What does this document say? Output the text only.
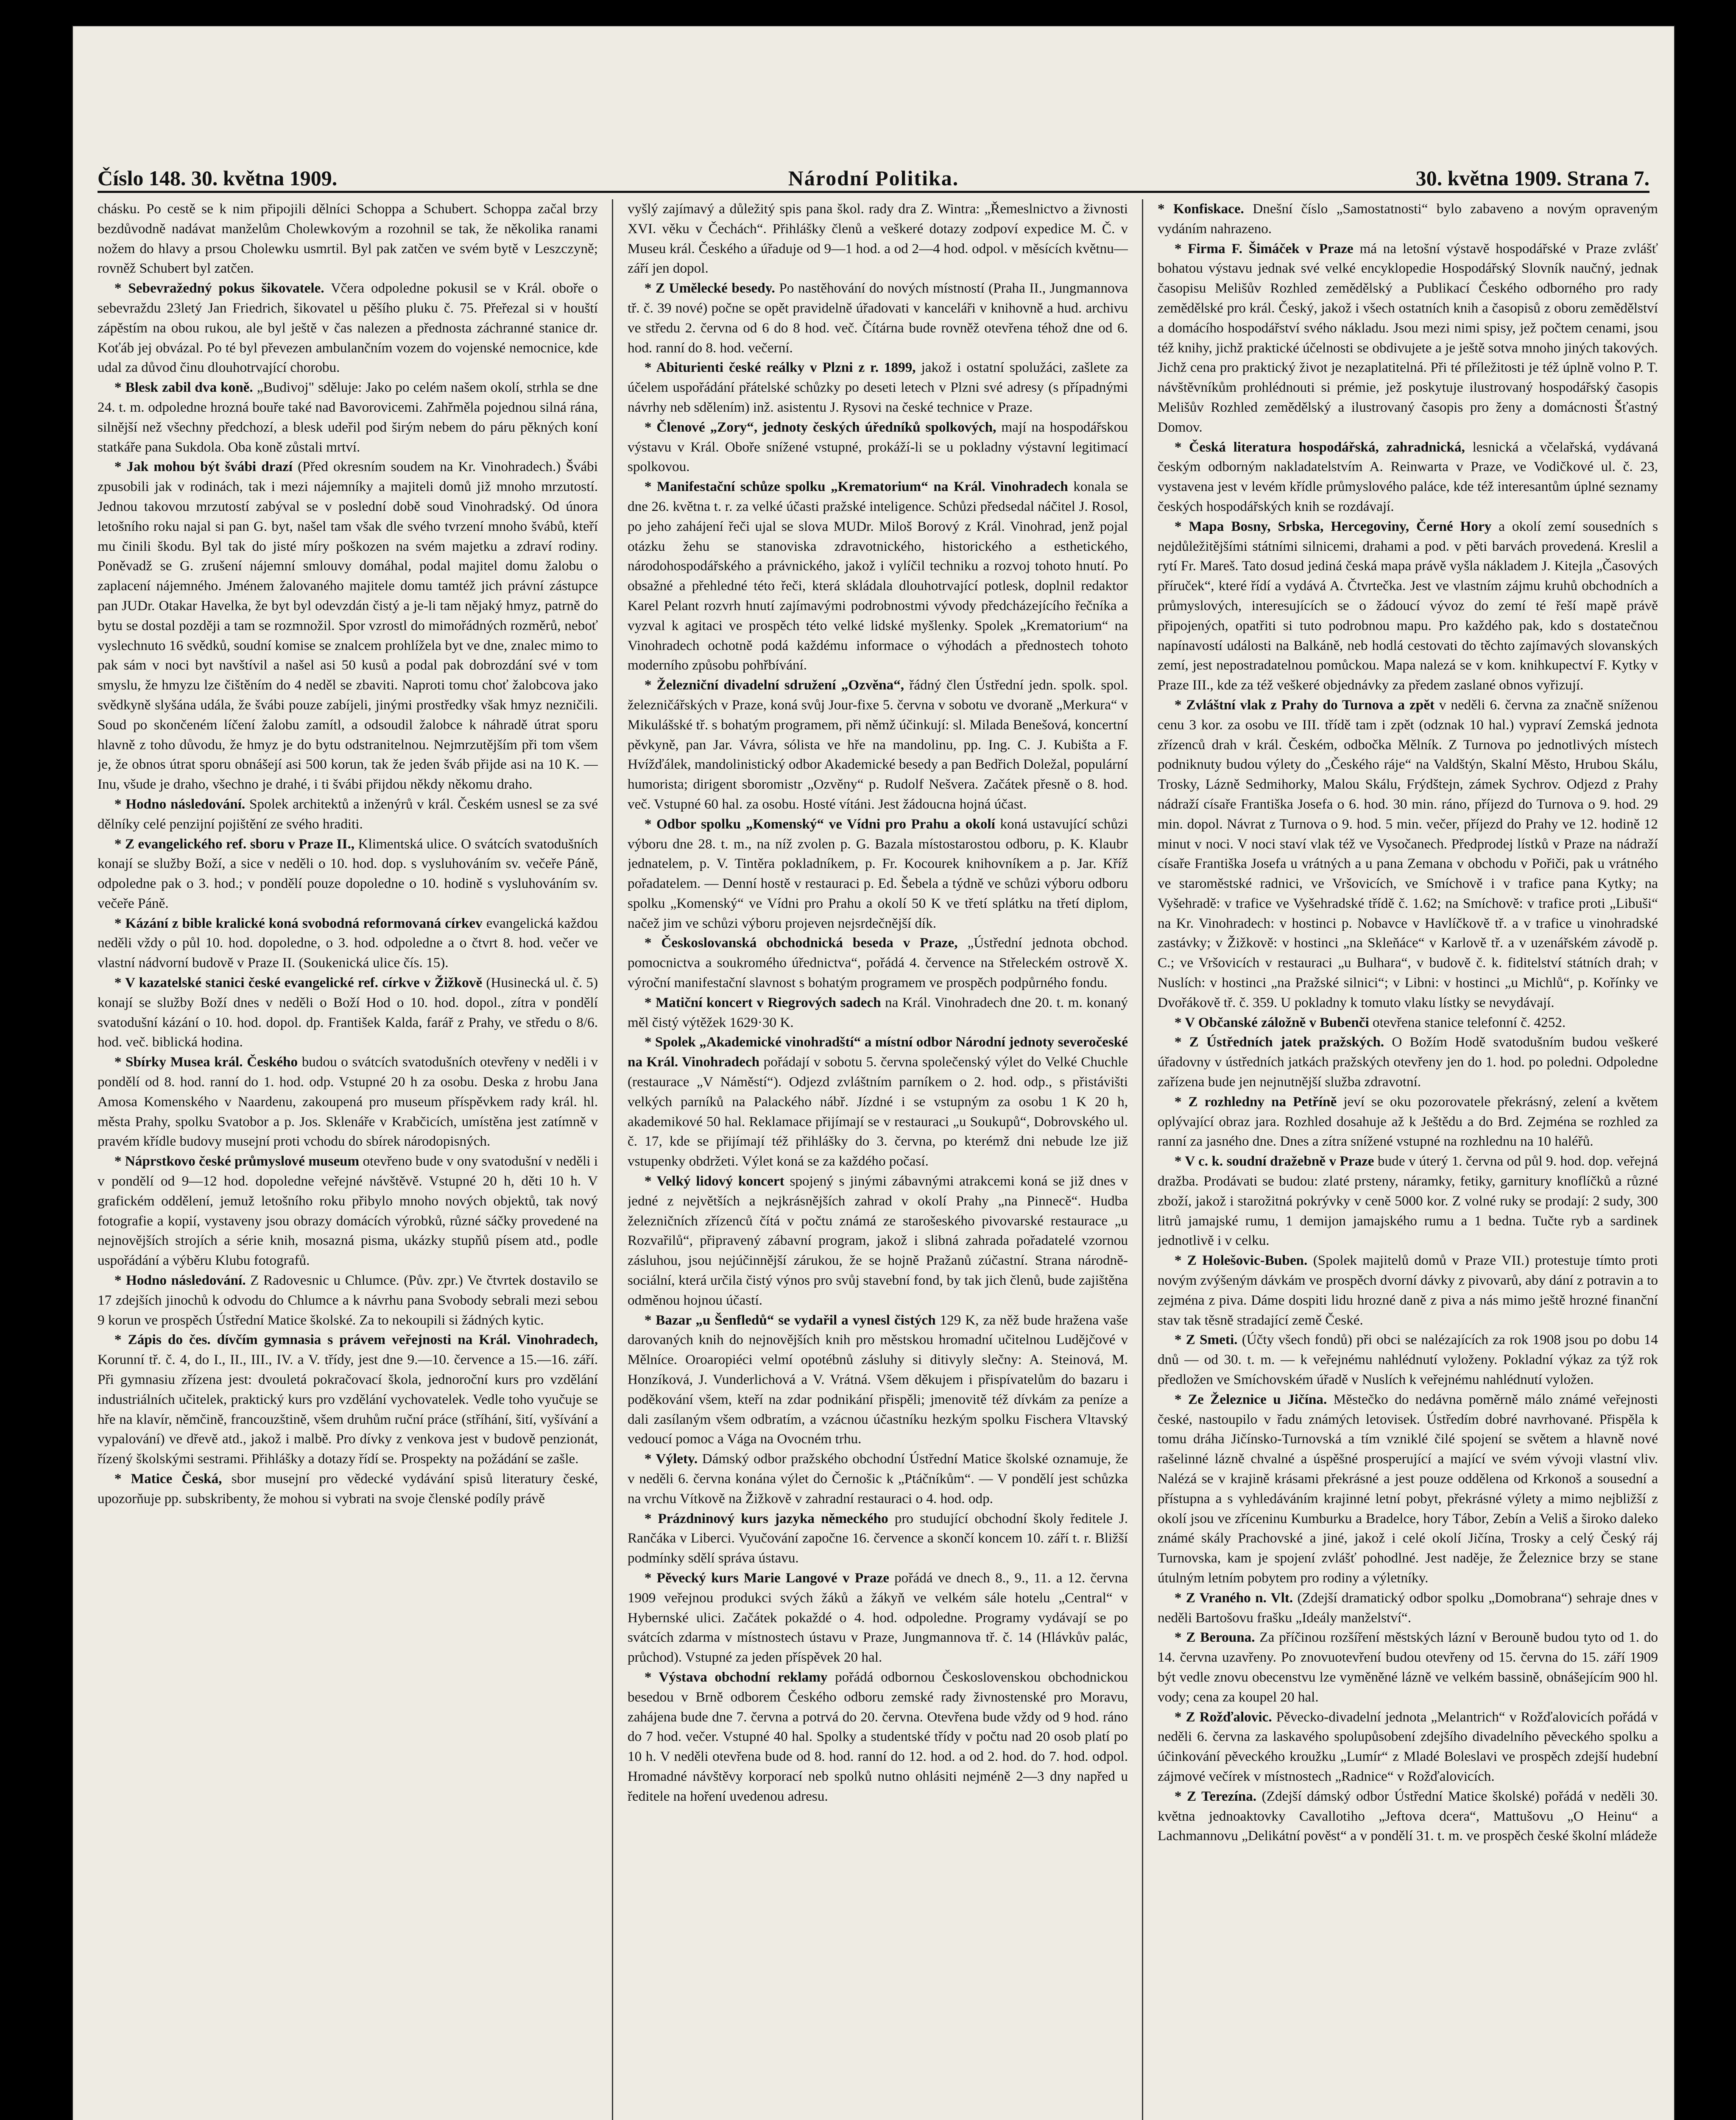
Číslo 148. 30. května 1909.	Národní Politika.	30. května 1909. Strana 7.

chásku. Po cestě se k nim připojili dělníci Schoppa a Schubert. Schoppa začal brzy bezdůvodně nadávat manželům Cholewkovým a rozohnil se tak, že několika ranami nožem do hlavy a prsou Cholewku usmrtil. Byl pak zatčen ve svém bytě v Leszczyně; rovněž Schubert byl zatčen.

* Sebevražedný pokus šikovatele. Včera odpoledne pokusil se v Král. oboře o sebevraždu 23letý Jan Friedrich, šikovatel u pěšího pluku č. 75. Přeřezal si v houští zápěstím na obou rukou, ale byl ještě v čas nalezen a přednosta záchranné stanice dr. Koťáb jej obvázal. Po té byl převezen ambulančním vozem do vojenské nemocnice, kde udal za důvod činu dlouhotrvající chorobu.

* Blesk zabil dva koně. „Budivoj" sděluje: Jako po celém našem okolí, strhla se dne 24. t. m. odpoledne hrozná bouře také nad Bavorovicemi. Zahřměla pojednou silná rána, silnější než všechny předchozí, a blesk udeřil pod širým nebem do páru pěkných koní statkáře pana Sukdola. Oba koně zůstali mrtví.

* Jak mohou být švábi drazí (Před okresním soudem na Kr. Vinohradech.) Švábi zpusobili jak v rodinách, tak i mezi nájemníky a majiteli domů již mnoho mrzutostí. Jednou takovou mrzutostí zabýval se v poslední době soud Vinohradský. Od února letošního roku najal si pan G. byt, našel tam však dle svého tvrzení mnoho švábů, kteří mu činili škodu. Byl tak do jisté míry poškozen na svém majetku a zdraví rodiny. Poněvadž se G. zrušení nájemní smlouvy domáhal, podal majitel domu žalobu o zaplacení nájemného. Jménem žalovaného majitele domu tamtéž jich právní zástupce pan JUDr. Otakar Havelka, že byt byl odevzdán čistý a je-li tam nějaký hmyz, patrně do bytu se dostal později a tam se rozmnožil. Spor vzrostl do mimořádných rozměrů, neboť vyslechnuto 16 svědků, soudní komise se znalcem prohlížela byt ve dne, znalec mimo to pak sám v noci byt navštívil a našel asi 50 kusů a podal pak dobrozdání své v tom smyslu, že hmyzu lze čištěním do 4 neděl se zbaviti. Naproti tomu choť žalobcova jako svědkyně slyšána udála, že švábi pouze zabíjeli, jinými prostředky však hmyz nezničili. Soud po skončeném líčení žalobu zamítl, a odsoudil žalobce k náhradě útrat sporu hlavně z toho důvodu, že hmyz je do bytu odstranitelnou. Nejmrzutějším při tom všem je, že obnos útrat sporu obnášejí asi 500 korun, tak že jeden šváb přijde asi na 10 K. — Inu, všude je draho, všechno je drahé, i ti švábi přijdou někdy někomu draho.

* Hodno následování. Spolek architektů a inženýrů v král. Českém usnesl se za své dělníky celé penzijní pojištění ze svého hraditi.

* Z evangelického ref. sboru v Praze II., Klimentská ulice. O svátcích svatodušních konají se služby Boží, a sice v neděli o 10. hod. dop. s vysluhováním sv. večeře Páně, odpoledne pak o 3. hod.; v pondělí pouze dopoledne o 10. hodině s vysluhováním sv. večeře Páně.

* Kázání z bible kralické koná svobodná reformovaná církev evangelická každou neděli vždy o půl 10. hod. dopoledne, o 3. hod. odpoledne a o čtvrt 8. hod. večer ve vlastní nádvorní budově v Praze II. (Soukenická ulice čís. 15).

* V kazatelské stanici české evangelické ref. církve v Žižkově (Husinecká ul. č. 5) konají se služby Boží dnes v neděli o Boží Hod o 10. hod. dopol., zítra v pondělí svatodušní kázání o 10. hod. dopol. dp. František Kalda, farář z Prahy, ve středu o 8/6. hod. več. biblická hodina.

* Sbírky Musea král. Českého budou o svátcích svatodušních otevřeny v neděli i v pondělí od 8. hod. ranní do 1. hod. odp. Vstupné 20 h za osobu. Deska z hrobu Jana Amosa Komenského v Naardenu, zakoupená pro museum příspěvkem rady král. hl. města Prahy, spolku Svatobor a p. Jos. Sklenáře v Krabčicích, umístěna jest zatímně v pravém křídle budovy musejní proti vchodu do sbírek národopisných.

* Náprstkovo české průmyslové museum otevřeno bude v ony svatodušní v neděli i v pondělí od 9—12 hod. dopoledne veřejné návštěvě. Vstupné 20 h, děti 10 h. V grafickém oddělení, jemuž letošního roku přibylo mnoho nových objektů, tak nový fotografie a kopií, vystaveny jsou obrazy domácích výrobků, různé sáčky provedené na nejnovějších strojích a série knih, mosazná pisma, ukázky stupňů písem atd., podle uspořádání a výběru Klubu fotografů.

* Hodno následování. Z Radovesnic u Chlumce. (Pův. zpr.) Ve čtvrtek dostavilo se 17 zdejších jinochů k odvodu do Chlumce a k návrhu pana Svobody sebrali mezi sebou 9 korun ve prospěch Ústřední Matice školské. Za to nekoupili si žádných kytic.

* Zápis do čes. dívčím gymnasia s právem veřejnosti na Král. Vinohradech, Korunní tř. č. 4, do I., II., III., IV. a V. třídy, jest dne 9.—10. července a 15.—16. září. Při gymnasiu zřízena jest: dvouletá pokračovací škola, jednoroční kurs pro vzdělání industriálních učitelek, praktický kurs pro vzdělání vychovatelek. Vedle toho vyučuje se hře na klavír, němčině, francouzštině, všem druhům ruční práce (stříhání, šití, vyšívání a vypalování) ve dřevě atd., jakož i malbě. Pro dívky z venkova jest v budově penzionát, řízený školskými sestrami. Přihlášky a dotazy řídí se. Prospekty na požádání se zašle.

* Matice Česká, sbor musejní pro vědecké vydávání spisů literatury české, upozorňuje pp. subskribenty, že mohou si vybrati na svoje členské podíly právě

vyšlý zajímavý a důležitý spis pana škol. rady dra Z. Wintra: „Řemeslnictvo a živnosti XVI. věku v Čechách“. Přihlášky členů a veškeré dotazy zodpoví expedice M. Č. v Museu král. Českého a úřaduje od 9—1 hod. a od 2—4 hod. odpol. v měsících květnu—září jen dopol.

* Z Umělecké besedy. Po nastěhování do nových místností (Praha II., Jungmannova tř. č. 39 nové) počne se opět pravidelně úřadovati v kanceláři v knihovně a hud. archivu ve středu 2. června od 6 do 8 hod. več. Čítárna bude rovněž otevřena téhož dne od 6. hod. ranní do 8. hod. večerní.

* Abiturienti české reálky v Plzni z r. 1899, jakož i ostatní spolužáci, zašlete za účelem uspořádání přátelské schůzky po deseti letech v Plzni své adresy (s případnými návrhy neb sdělením) inž. asistentu J. Rysovi na české technice v Praze.

* Členové „Zory“, jednoty českých úředníků spolkových, mají na hospodářskou výstavu v Král. Oboře snížené vstupné, prokáží-li se u pokladny výstavní legitimací spolkovou.

* Manifestační schůze spolku „Krematorium“ na Král. Vinohradech konala se dne 26. května t. r. za velké účasti pražské inteligence. Schůzi předsedal náčitel J. Rosol, po jeho zahájení řeči ujal se slova MUDr. Miloš Borový z Král. Vinohrad, jenž pojal otázku žehu se stanoviska zdravotnického, historického a esthetického, národohospodářského a právnického, jakož i vylíčil techniku a rozvoj tohoto hnutí. Po obsažné a přehledné této řeči, která skládala dlouhotrvající potlesk, doplnil redaktor Karel Pelant rozvrh hnutí zajímavými podrobnostmi vývody předcházejícího řečníka a vyzval k agitaci ve prospěch této velké lidské myšlenky. Spolek „Krematorium“ na Vinohradech ochotně podá každému informace o výhodách a přednostech tohoto moderního způsobu pohřbívání.

* Železniční divadelní sdružení „Ozvěna“, řádný člen Ústřední jedn. spolk. spol. železničářských v Praze, koná svůj Jour-fixe 5. června v sobotu ve dvoraně „Merkura“ v Mikulášské tř. s bohatým programem, při němž účinkují: sl. Milada Benešová, koncertní pěvkyně, pan Jar. Vávra, sólista ve hře na mandolinu, pp. Ing. C. J. Kubišta a F. Hvížďálek, mandolinistický odbor Akademické besedy a pan Bedřich Doležal, populární humorista; dirigent sboromistr „Ozvěny“ p. Rudolf Nešvera. Začátek přesně o 8. hod. več. Vstupné 60 hal. za osobu. Hosté vítáni. Jest žádoucna hojná účast.

* Odbor spolku „Komenský“ ve Vídni pro Prahu a okolí koná ustavující schůzi výboru dne 28. t. m., na níž zvolen p. G. Bazala místostarostou odboru, p. K. Klaubr jednatelem, p. V. Tintěra pokladníkem, p. Fr. Kocourek knihovníkem a p. Jar. Kříž pořadatelem. — Denní hostě v restauraci p. Ed. Šebela a týdně ve schůzi výboru odboru spolku „Komenský“ ve Vídni pro Prahu a okolí 50 K ve třetí splátku na třetí diplom, načež jim ve schůzi výboru projeven nejsrdečnější dík.

* Českoslovanská obchodnická beseda v Praze, „Ústřední jednota obchod. pomocnictva a soukromého úřednictva“, pořádá 4. července na Střeleckém ostrově X. výroční manifestační slavnost s bohatým programem ve prospěch podpůrného fondu.

* Matiční koncert v Riegrových sadech na Král. Vinohradech dne 20. t. m. konaný měl čistý výtěžek 1629·30 K.

* Spolek „Akademické vinohradští“ a místní odbor Národní jednoty severočeské na Král. Vinohradech pořádají v sobotu 5. června společenský výlet do Velké Chuchle (restaurace „V Náměstí“). Odjezd zvláštním parníkem o 2. hod. odp., s přistávišti velkých parníků na Palackého nábř. Jízdné i se vstupným za osobu 1 K 20 h, akademikové 50 hal. Reklamace přijímají se v restauraci „u Soukupů“, Dobrovského ul. č. 17, kde se přijímají též přihlášky do 3. června, po kterémž dni nebude lze již vstupenky obdržeti. Výlet koná se za každého počasí.

* Velký lidový koncert spojený s jinými zábavnými atrakcemi koná se již dnes v jedné z největších a nejkrásnějších zahrad v okolí Prahy „na Pinnecě“. Hudba železničních zřízenců čítá v počtu známá ze starošeského pivovarské restaurace „u Rozvařilů“, připravený zábavní program, jakož i slibná zahrada pořadatelé vzornou zásluhou, jsou nejúčinnější zárukou, že se hojně Pražanů zúčastní. Strana národně-sociální, která určila čistý výnos pro svůj stavební fond, by tak jich členů, bude zajištěna odměnou hojnou účastí.

* Bazar „u Šenfledů“ se vydařil a vynesl čistých 129 K, za něž bude hražena vaše darovaných knih do nejnovějších knih pro městskou hromadní učitelnou Ludějčové v Mělníce. Oroaropiéci velmí opotébnů zásluhy si ditivyly slečny: A. Steinová, M. Honzíková, J. Vunderlichová a V. Vrátná. Všem děkujem i přispívatelům do bazaru i poděkování všem, kteří na zdar podnikání přispěli; jmenovitě též dívkám za peníze a dali zasílaným všem odbratím, a vzácnou účastníku hezkým spolku Fischera Vltavský vedoucí pomoc a Vága na Ovocném trhu.

* Výlety. Dámský odbor pražského obchodní Ústřední Matice školské oznamuje, že v neděli 6. června konána výlet do Černošic k „Ptáčníkům“. — V pondělí jest schůzka na vrchu Vítkově na Žižkově v zahradní restauraci o 4. hod. odp.

* Prázdninový kurs jazyka německého pro studující obchodní školy ředitele J. Rančáka v Liberci. Vyučování započne 16. července a skončí koncem 10. září t. r. Bližší podmínky sdělí správa ústavu.

* Pěvecký kurs Marie Langové v Praze pořádá ve dnech 8., 9., 11. a 12. června 1909 veřejnou produkci svých žáků a žákyň ve velkém sále hotelu „Central“ v Hybernské ulici. Začátek pokaždé o 4. hod. odpoledne. Programy vydávají se po svátcích zdarma v místnostech ústavu v Praze, Jungmannova tř. č. 14 (Hlávkův palác, průchod). Vstupné za jeden příspěvek 20 hal.

* Výstava obchodní reklamy pořádá odbornou Československou obchodnickou besedou v Brně odborem Českého odboru zemské rady živnostenské pro Moravu, zahájena bude dne 7. června a potrvá do 20. června. Otevřena bude vždy od 9 hod. ráno do 7 hod. večer. Vstupné 40 hal. Spolky a studentské třídy v počtu nad 20 osob platí po 10 h. V neděli otevřena bude od 8. hod. ranní do 12. hod. a od 2. hod. do 7. hod. odpol. Hromadné návštěvy korporací neb spolků nutno ohlásiti nejméně 2—3 dny napřed u ředitele na hoření uvedenou adresu.

* Konfiskace. Dnešní číslo „Samostatnosti“ bylo zabaveno a novým opraveným vydáním nahrazeno.

* Firma F. Šimáček v Praze má na letošní výstavě hospodářské v Praze zvlášť bohatou výstavu jednak své velké encyklopedie Hospodářský Slovník naučný, jednak časopisu Melišův Rozhled zemědělský a Publikací Českého odborného pro rady zemědělské pro král. Český, jakož i všech ostatních knih a časopisů z oboru zemědělství a domácího hospodářství svého nákladu. Jsou mezi nimi spisy, jež počtem cenami, jsou též knihy, jichž praktické účelnosti se obdivujete a je ještě sotva mnoho jiných takových. Jichž cena pro praktický život je nezaplatitelná. Při té příležitosti je též úplně volno P. T. návštěvníkům prohlédnouti si prémie, jež poskytuje ilustrovaný hospodářský časopis Melišův Rozhled zemědělský a ilustrovaný časopis pro ženy a domácnosti Šťastný Domov.

* Česká literatura hospodářská, zahradnická, lesnická a včelařská, vydávaná českým odborným nakladatelstvím A. Reinwarta v Praze, ve Vodičkové ul. č. 23, vystavena jest v levém křídle průmyslového paláce, kde též interesantům úplné seznamy českých hospodářských knih se rozdávají.

* Mapa Bosny, Srbska, Hercegoviny, Černé Hory a okolí zemí sousedních s nejdůležitějšími státními silnicemi, drahami a pod. v pěti barvách provedená. Kreslil a rytí Fr. Mareš. Tato dosud jediná česká mapa právě vyšla nákladem J. Kitejla „Časových příruček“, které řídí a vydává A. Čtvrtečka. Jest ve vlastním zájmu kruhů obchodních a průmyslových, interesujících se o žádoucí vývoz do zemí té řeší mapě právě připojených, opatřiti si tuto podrobnou mapu. Pro každého pak, kdo s dostatečnou napínavostí události na Balkáně, neb hodlá cestovati do těchto zajímavých slovanských zemí, jest nepostradatelnou pomůckou. Mapa nalezá se v kom. knihkupectví F. Kytky v Praze III., kde za též veškeré objednávky za předem zaslané obnos vyřizují.

* Zvláštní vlak z Prahy do Turnova a zpět v neděli 6. června za značně sníženou cenu 3 kor. za osobu ve III. třídě tam i zpět (odznak 10 hal.) vypraví Zemská jednota zřízenců drah v král. Českém, odbočka Mělník. Z Turnova po jednotlivých místech podniknuty budou výlety do „Českého ráje“ na Valdštýn, Skalní Město, Hrubou Skálu, Trosky, Lázně Sedmihorky, Malou Skálu, Frýdštejn, zámek Sychrov. Odjezd z Prahy nádraží císaře Františka Josefa o 6. hod. 30 min. ráno, příjezd do Turnova o 9. hod. 29 min. dopol. Návrat z Turnova o 9. hod. 5 min. večer, příjezd do Prahy ve 12. hodině 12 minut v noci. V noci staví vlak též ve Vysočanech. Předprodej lístků v Praze na nádraží císaře Františka Josefa u vrátných a u pana Zemana v obchodu v Pořiči, pak u vrátného ve staroměstské radnici, ve Vršovicích, ve Smíchově i v trafice pana Kytky; na Vyšehradě: v trafice ve Vyšehradské třídě č. 1.62; na Smíchově: v trafice proti „Libuši“ na Kr. Vinohradech: v hostinci p. Nobavce v Havlíčkově tř. a v trafice u vinohradské zastávky; v Žižkově: v hostinci „na Skleňáce“ v Karlově tř. a v uzenářském závodě p. C.; ve Vršovicích v restauraci „u Bulhara“, v budově č. k. fiditelství státních drah; v Nuslích: v hostinci „na Pražské silnici“; v Libni: v hostinci „u Michlů“, p. Kořínky ve Dvořákově tř. č. 359. U pokladny k tomuto vlaku lístky se nevydávají.

* V Občanské záložně v Bubenči otevřena stanice telefonní č. 4252.

* Z Ústředních jatek pražských. O Božím Hodě svatodušním budou veškeré úřadovny v ústředních jatkách pražských otevřeny jen do 1. hod. po poledni. Odpoledne zařízena bude jen nejnutnější služba zdravotní.

* Z rozhledny na Petříně jeví se oku pozorovatele překrásný, zelení a květem oplývající obraz jara. Rozhled dosahuje až k Ještědu a do Brd. Zejména se rozhled za ranní za jasného dne. Dnes a zítra snížené vstupné na rozhlednu na 10 haléřů.

* V c. k. soudní dražebně v Praze bude v úterý 1. června od půl 9. hod. dop. veřejná dražba. Prodávati se budou: zlaté prsteny, náramky, fetiky, garnitury knoflíčků a různé zboží, jakož i starožitná pokrývky v ceně 5000 kor. Z volné ruky se prodají: 2 sudy, 300 litrů jamajské rumu, 1 demijon jamajského rumu a 1 bedna. Tučte ryb a sardinek jednotlivě i v celku.

* Z Holešovic-Buben. (Spolek majitelů domů v Praze VII.) protestuje tímto proti novým zvýšeným dávkám ve prospěch dvorní dávky z pivovarů, aby dání z potravin a to zejména z piva. Dáme dospiti lidu hrozné daně z piva a nás mimo ještě hrozné finanční stav tak těsně stradající země České.

* Z Smeti. (Účty všech fondů) při obci se nalézajících za rok 1908 jsou po dobu 14 dnů — od 30. t. m. — k veřejnému nahlédnutí vyloženy. Pokladní výkaz za týž rok předložen ve Smíchovském úřadě v Nuslích k veřejnému nahlédnutí vyložen.

* Ze Železnice u Jičína. Městečko do nedávna poměrně málo známé veřejnosti české, nastoupilo v řadu známých letovisek. Ústředím dobré navrhované. Přispěla k tomu dráha Jičínsko-Turnovská a tím vzniklé čilé spojení se světem a hlavně nové rašelinné lázně chvalné a úspěšné prosperující a mající ve svém vývoji vlastní vliv. Nalézá se v krajině krásami překrásné a jest pouze oddělena od Krkonoš a sousední a přístupna a s vyhledáváním krajinné letní pobyt, překrásné výlety a mimo nejbližší z okolí jsou ve zříceninu Kumburku a Bradelce, hory Tábor, Zebín a Veliš a široko daleko známé skály Prachovské a jiné, jakož i celé okolí Jičína, Trosky a celý Český ráj Turnovska, kam je spojení zvlášť pohodlné. Jest naděje, že Železnice brzy se stane útulným letním pobytem pro rodiny a výletníky.

* Z Vraného n. Vlt. (Zdejší dramatický odbor spolku „Domobrana“) sehraje dnes v neděli Bartošovu frašku „Ideály manželství“.

* Z Berouna. Za příčinou rozšíření městských lázní v Berouně budou tyto od 1. do 14. června uzavřeny. Po znovuotevření budou otevřeny od 15. června do 15. září 1909 být vedle znovu obecenstvu lze vyměněné lázně ve velkém bassině, obnášejícím 900 hl. vody; cena za koupel 20 hal.

* Z Rožďalovic. Pěvecko-divadelní jednota „Melantrich“ v Rožďalovicích pořádá v neděli 6. června za laskavého spolupůsobení zdejšího divadelního pěveckého spolku a účinkování pěveckého kroužku „Lumír“ z Mladé Boleslavi ve prospěch zdejší hudební zájmové večírek v místnostech „Radnice“ v Rožďalovicích.

* Z Terezína. (Zdejší dámský odbor Ústřední Matice školské) pořádá v neděli 30. května jednoaktovky Cavallotiho „Jeftova dcera“, Mattušovu „O Heinu“ a Lachmannovu „Delikátní pověst“ a v pondělí 31. t. m. ve prospěch české školní mládeže
